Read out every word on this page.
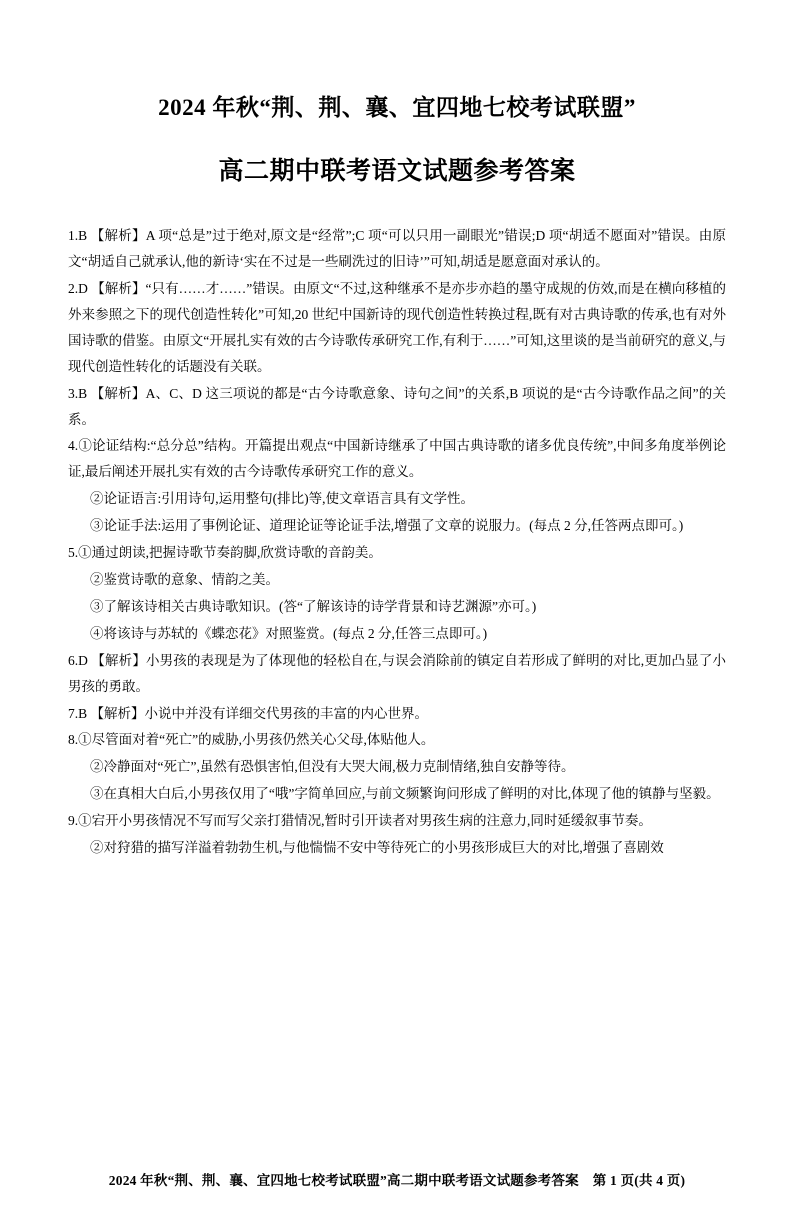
2024 年秋“荆、荆、襄、宜四地七校考试联盟”
高二期中联考语文试题参考答案
1.B 【解析】A 项“总是”过于绝对,原文是“经常”;C 项“可以只用一副眼光”错误;D 项“胡适不愿面对”错误。由原文“胡适自己就承认,他的新诗‘实在不过是一些刷洗过的旧诗’”可知,胡适是愿意面对承认的。
2.D 【解析】“只有……才……”错误。由原文“不过,这种继承不是亦步亦趋的墨守成规的仿效,而是在横向移植的外来参照之下的现代创造性转化”可知,20 世纪中国新诗的现代创造性转换过程,既有对古典诗歌的传承,也有对外国诗歌的借鉴。由原文“开展扎实有效的古今诗歌传承研究工作,有利于……”可知,这里谈的是当前研究的意义,与现代创造性转化的话题没有关联。
3.B 【解析】A、C、D 这三项说的都是“古今诗歌意象、诗句之间”的关系,B 项说的是“古今诗歌作品之间”的关系。
4.①论证结构:“总分总”结构。开篇提出观点“中国新诗继承了中国古典诗歌的诸多优良传统”,中间多角度举例论证,最后阐述开展扎实有效的古今诗歌传承研究工作的意义。
②论证语言:引用诗句,运用整句(排比)等,使文章语言具有文学性。
③论证手法:运用了事例论证、道理论证等论证手法,增强了文章的说服力。(每点 2 分,任答两点即可。)
5.①通过朗读,把握诗歌节奏韵脚,欣赏诗歌的音韵美。
②鉴赏诗歌的意象、情韵之美。
③了解该诗相关古典诗歌知识。(答“了解该诗的诗学背景和诗艺渊源”亦可。)
④将该诗与苏轼的《蝶恋花》对照鉴赏。(每点 2 分,任答三点即可。)
6.D 【解析】小男孩的表现是为了体现他的轻松自在,与误会消除前的镇定自若形成了鲜明的对比,更加凸显了小男孩的勇敢。
7.B 【解析】小说中并没有详细交代男孩的丰富的内心世界。
8.①尽管面对着“死亡”的威胁,小男孩仍然关心父母,体贴他人。
②冷静面对“死亡”,虽然有恐惧害怕,但没有大哭大闹,极力克制情绪,独自安静等待。
③在真相大白后,小男孩仅用了“哦”字简单回应,与前文频繁询问形成了鲜明的对比,体现了他的镇静与坚毅。
9.①宕开小男孩情况不写而写父亲打猎情况,暂时引开读者对男孩生病的注意力,同时延缓叙事节奏。
②对狩猎的描写洋溢着勃勃生机,与他惴惴不安中等待死亡的小男孩形成巨大的对比,增强了喜剧效
2024 年秋“荆、荆、襄、宜四地七校考试联盟”高二期中联考语文试题参考答案 第 1 页(共 4 页)
